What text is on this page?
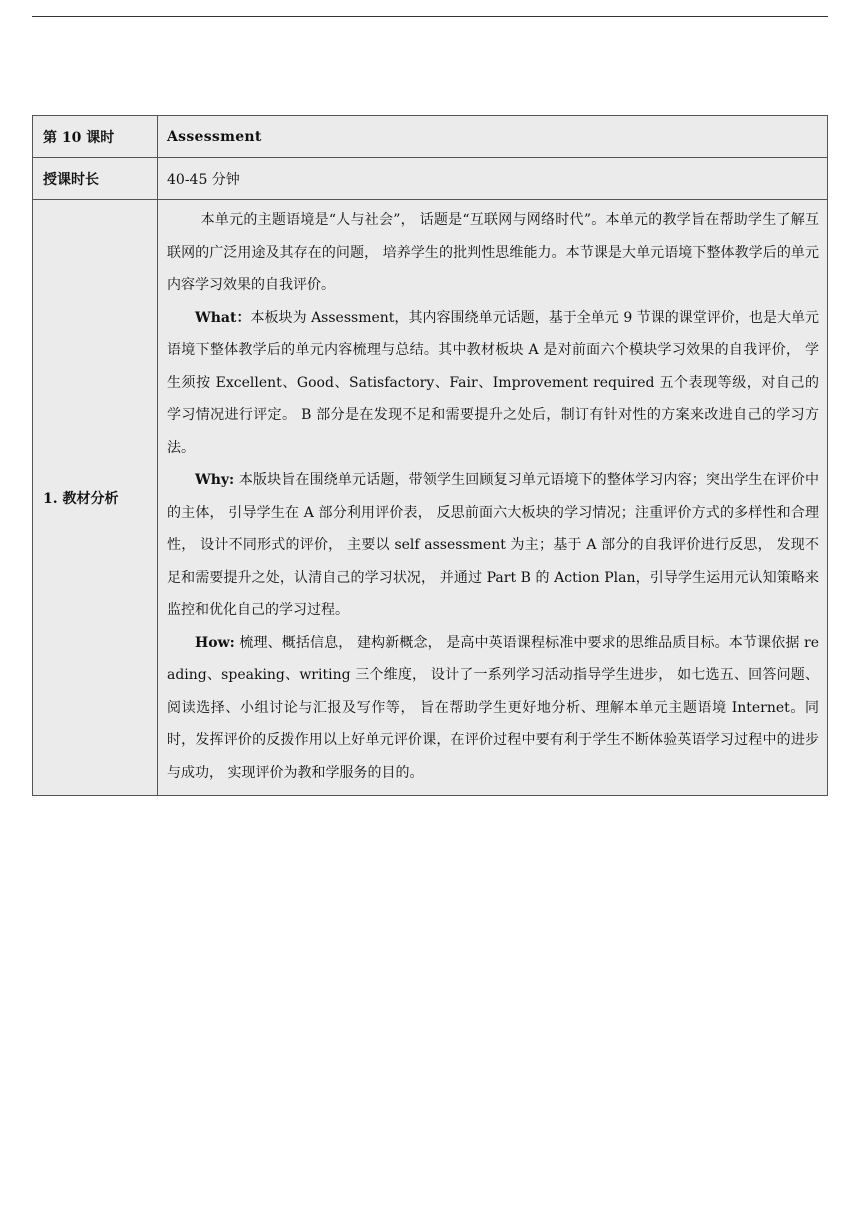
第 10 课时	Assessment
授课时长	40-45 分钟
1. 教材分析	本单元的主题语境是“人与社会”， 话题是“互联网与网络时代”。本单元的教学旨在帮助学生了解互联网的广泛用途及其存在的问题， 培养学生的批判性思维能力。本节课是大单元语境下整体教学后的单元内容学习效果的自我评价。

What：本板块为 Assessment，其内容围绕单元话题，基于全单元 9 节课的课堂评价，也是大单元语境下整体教学后的单元内容梳理与总结。其中教材板块 A 是对前面六个模块学习效果的自我评价， 学生须按 Excellent、Good、Satisfactory、Fair、Improvement required 五个表现等级，对自己的学习情况进行评定。 B 部分是在发现不足和需要提升之处后，制订有针对性的方案来改进自己的学习方法。

Why: 本版块旨在围绕单元话题，带领学生回顾复习单元语境下的整体学习内容；突出学生在评价中的主体， 引导学生在 A 部分利用评价表， 反思前面六大板块的学习情况；注重评价方式的多样性和合理性， 设计不同形式的评价， 主要以 self assessment 为主；基于 A 部分的自我评价进行反思， 发现不足和需要提升之处，认清自己的学习状况， 并通过 Part B 的 Action Plan，引导学生运用元认知策略来监控和优化自己的学习过程。

How: 梳理、概括信息， 建构新概念， 是高中英语课程标准中要求的思维品质目标。本节课依据 reading、speaking、writing 三个维度， 设计了一系列学习活动指导学生进步， 如七选五、回答问题、阅读选择、小组讨论与汇报及写作等， 旨在帮助学生更好地分析、理解本单元主题语境 Internet。同时，发挥评价的反拨作用以上好单元评价课，在评价过程中要有利于学生不断体验英语学习过程中的进步与成功， 实现评价为教和学服务的目的。
